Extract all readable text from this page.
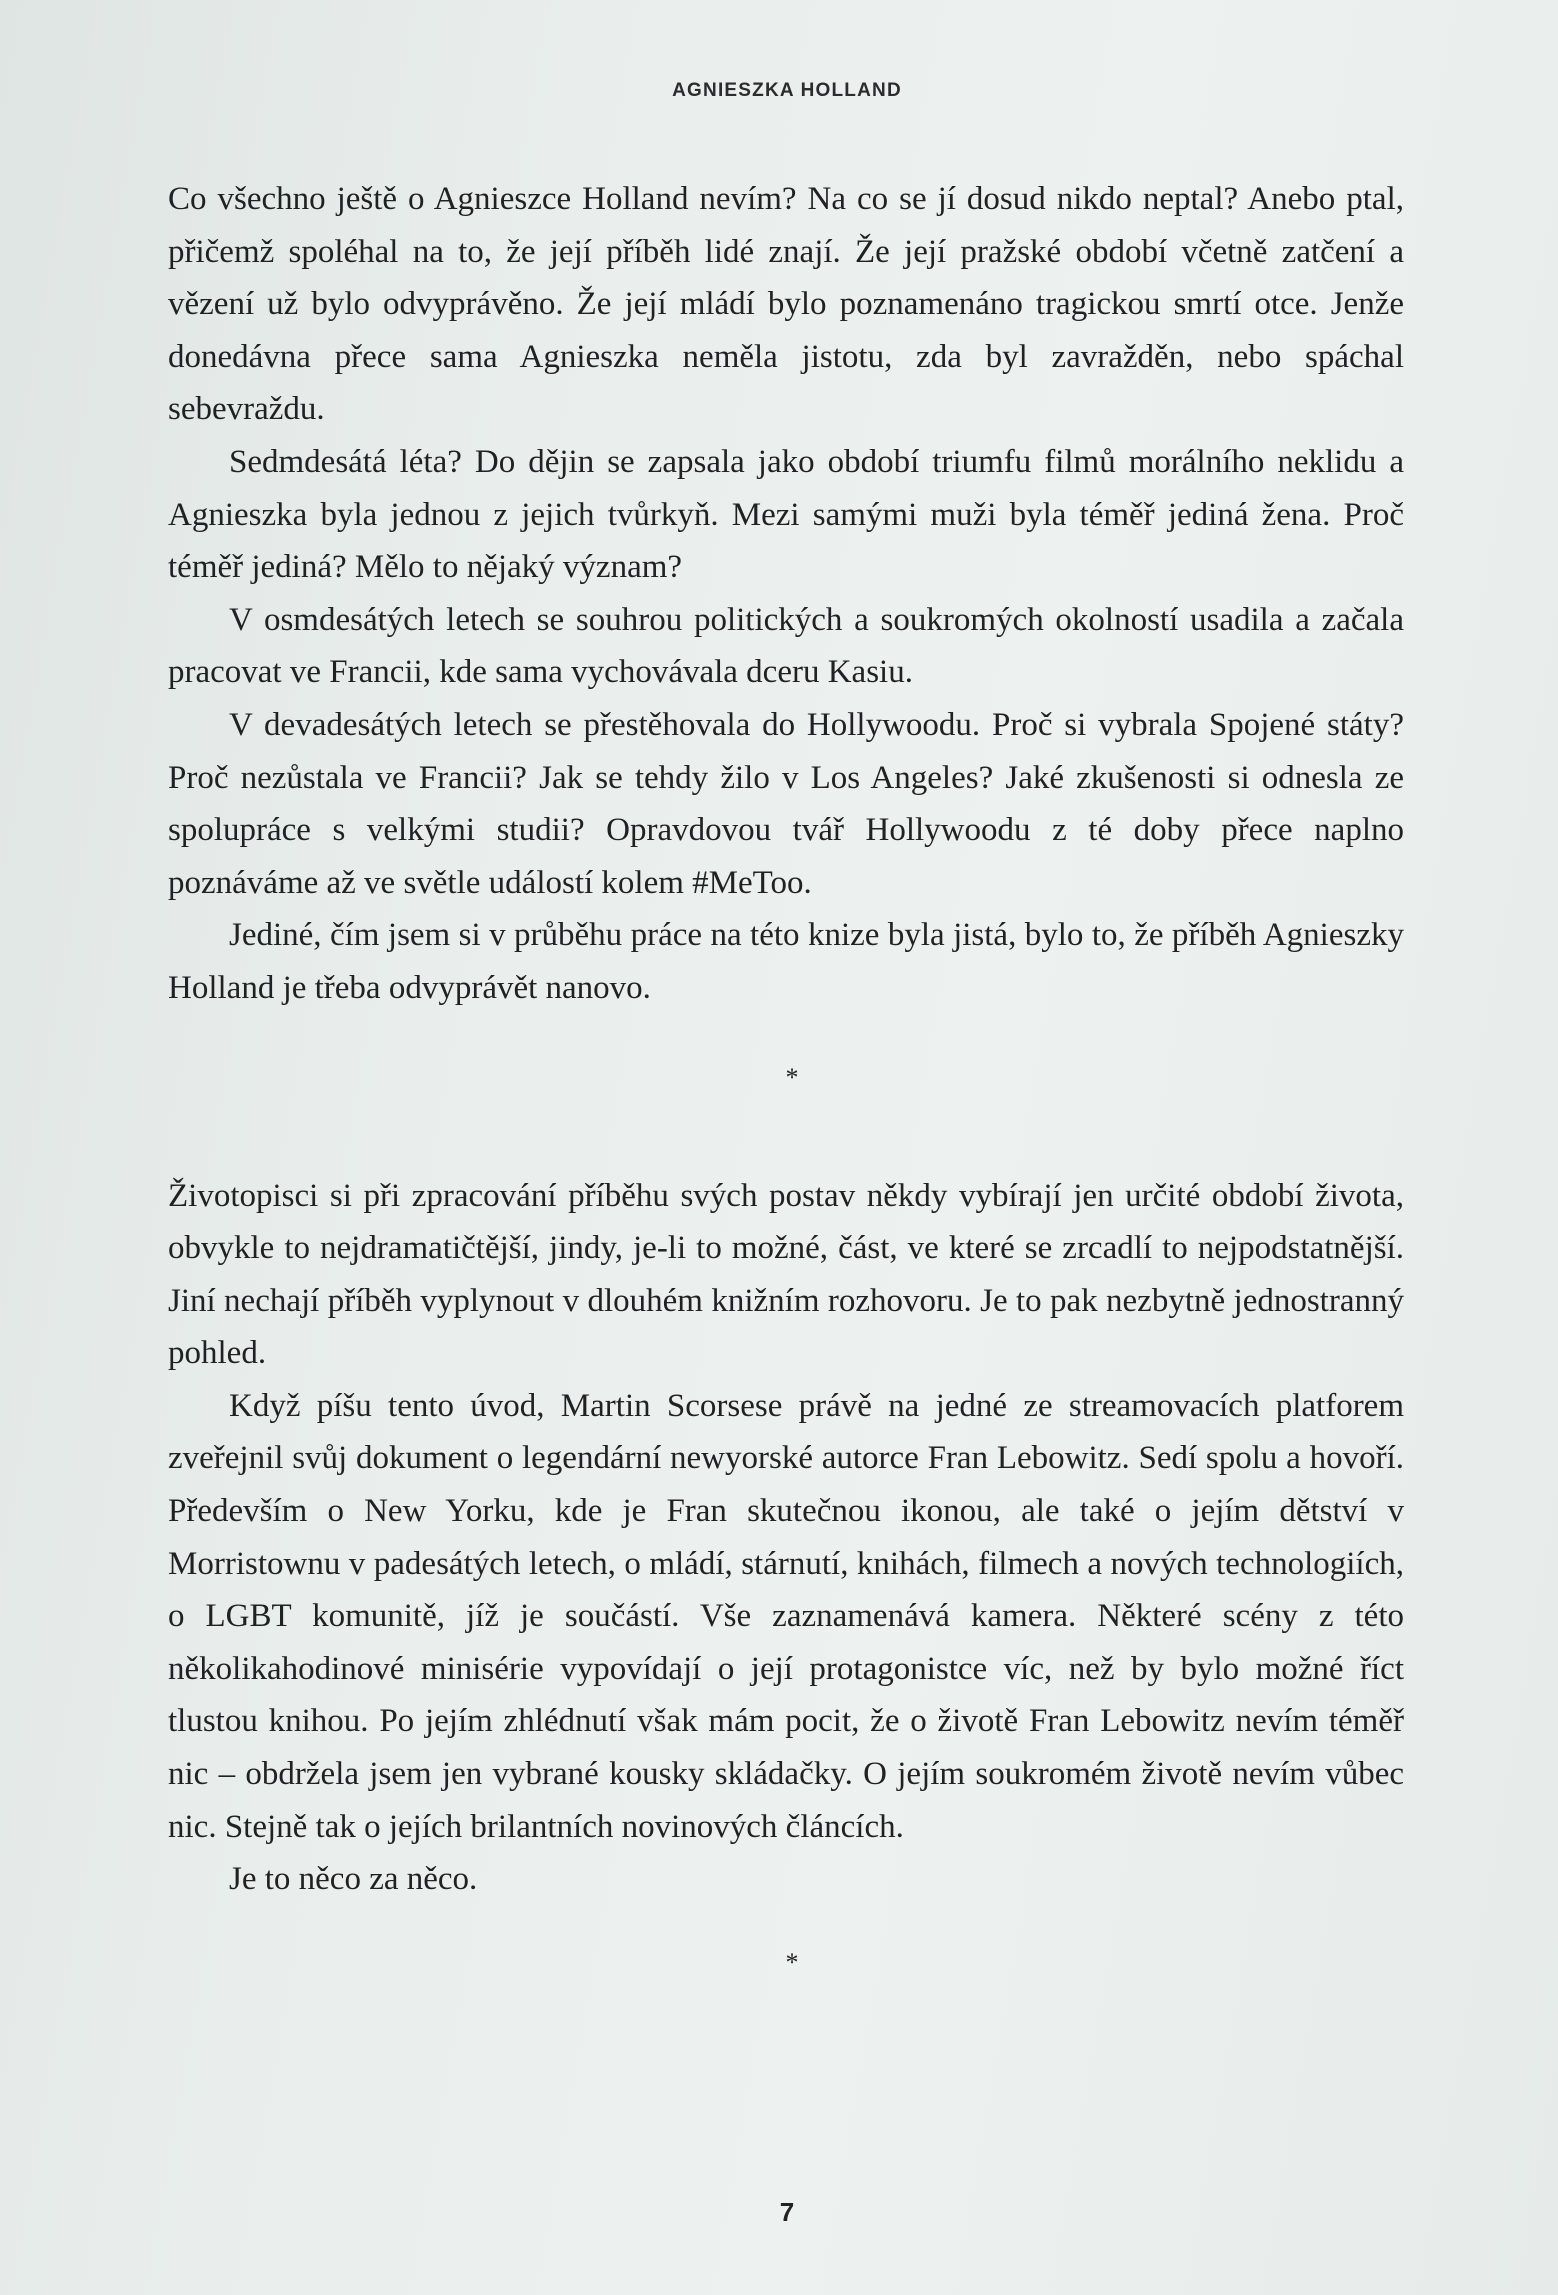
AGNIESZKA HOLLAND

Co všechno ještě o Agnieszce Holland nevím? Na co se jí dosud nikdo neptal? Anebo ptal, přičemž spoléhal na to, že její příběh lidé znají. Že její pražské období včetně zatčení a vězení už bylo odvyprávěno. Že její mládí bylo poznamenáno tragickou smrtí otce. Jenže donedávna přece sama Agnieszka neměla jistotu, zda byl zavražděn, nebo spáchal sebevraždu.

Sedmdesátá léta? Do dějin se zapsala jako období triumfu filmů morálního neklidu a Agnieszka byla jednou z jejich tvůrkyň. Mezi samými muži byla téměř jediná žena. Proč téměř jediná? Mělo to nějaký význam?

V osmdesátých letech se souhrou politických a soukromých okolností usadila a začala pracovat ve Francii, kde sama vychovávala dceru Kasiu.

V devadesátých letech se přestěhovala do Hollywoodu. Proč si vybrala Spojené státy? Proč nezůstala ve Francii? Jak se tehdy žilo v Los Angeles? Jaké zkušenosti si odnesla ze spolupráce s velkými studii? Opravdovou tvář Hollywoodu z té doby přece naplno poznáváme až ve světle událostí kolem #MeToo.

Jediné, čím jsem si v průběhu práce na této knize byla jistá, bylo to, že příběh Agnieszky Holland je třeba odvyprávět nanovo.

*

Životopisci si při zpracování příběhu svých postav někdy vybírají jen určité období života, obvykle to nejdramatičtější, jindy, je-li to možné, část, ve které se zrcadlí to nejpodstatnější. Jiní nechají příběh vyplynout v dlouhém knižním rozhovoru. Je to pak nezbytně jednostranný pohled.

Když píšu tento úvod, Martin Scorsese právě na jedné ze streamovacích platforem zveřejnil svůj dokument o legendární newyorské autorce Fran Lebowitz. Sedí spolu a hovoří. Především o New Yorku, kde je Fran skutečnou ikonou, ale také o jejím dětství v Morristownu v padesátých letech, o mládí, stárnutí, knihách, filmech a nových technologiích, o LGBT komunitě, jíž je součástí. Vše zaznamenává kamera. Některé scény z této několikahodinové minisérie vypovídají o její protagonistce víc, než by bylo možné říct tlustou knihou. Po jejím zhlédnutí však mám pocit, že o životě Fran Lebowitz nevím téměř nic – obdržela jsem jen vybrané kousky skládačky. O jejím soukromém životě nevím vůbec nic. Stejně tak o jejích brilantních novinových článcích.

Je to něco za něco.

*

7
